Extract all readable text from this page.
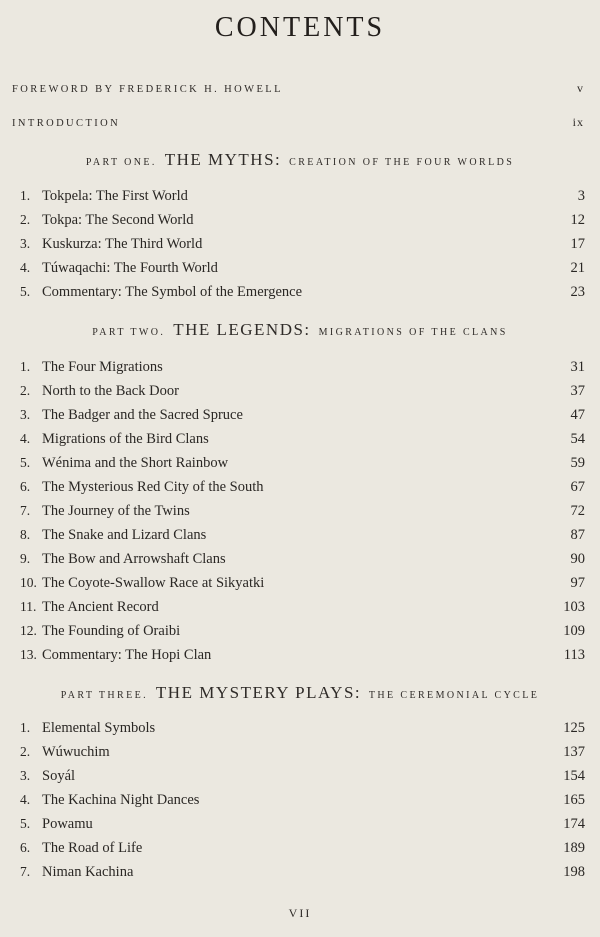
CONTENTS
FOREWORD BY FREDERICK H. HOWELL	v
INTRODUCTION	ix
PART ONE. THE MYTHS: CREATION OF THE FOUR WORLDS
1. Tokpela: The First World	3
2. Tokpa: The Second World	12
3. Kuskurza: The Third World	17
4. Túwaqachi: The Fourth World	21
5. Commentary: The Symbol of the Emergence	23
PART TWO. THE LEGENDS: MIGRATIONS OF THE CLANS
1. The Four Migrations	31
2. North to the Back Door	37
3. The Badger and the Sacred Spruce	47
4. Migrations of the Bird Clans	54
5. Wénima and the Short Rainbow	59
6. The Mysterious Red City of the South	67
7. The Journey of the Twins	72
8. The Snake and Lizard Clans	87
9. The Bow and Arrowshaft Clans	90
10. The Coyote-Swallow Race at Sikyatki	97
11. The Ancient Record	103
12. The Founding of Oraibi	109
13. Commentary: The Hopi Clan	113
PART THREE. THE MYSTERY PLAYS: THE CEREMONIAL CYCLE
1. Elemental Symbols	125
2. Wúwuchim	137
3. Soyál	154
4. The Kachina Night Dances	165
5. Powamu	174
6. The Road of Life	189
7. Niman Kachina	198
VII
